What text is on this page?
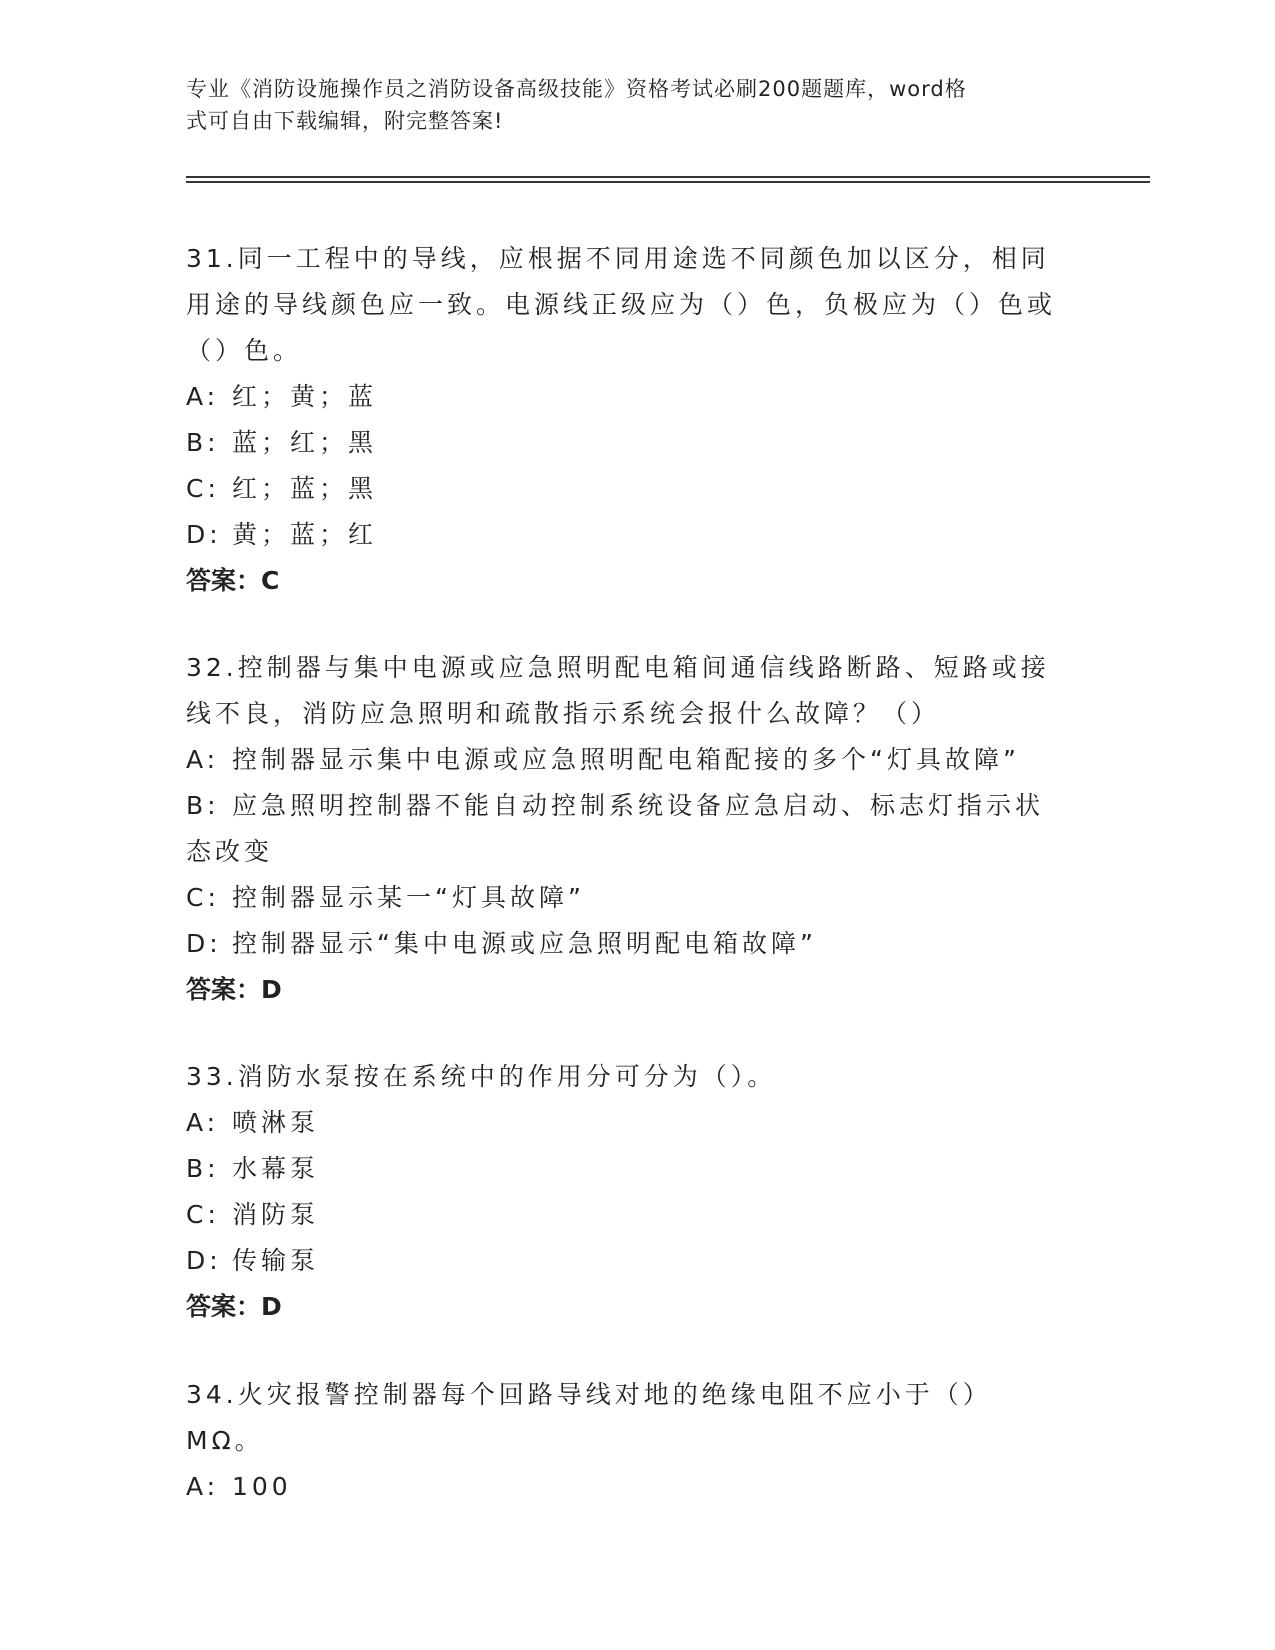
专业《消防设施操作员之消防设备高级技能》资格考试必刷200题题库，word格
式可自由下载编辑，附完整答案!

31.同一工程中的导线，应根据不同用途选不同颜色加以区分，相同用途的导线颜色应一致。电源线正级应为（）色，负极应为（）色或（）色。

A: 红；黄；蓝

B: 蓝；红；黑

C: 红；蓝；黑

D: 黄；蓝；红

答案：C

32.控制器与集中电源或应急照明配电箱间通信线路断路、短路或接线不良，消防应急照明和疏散指示系统会报什么故障？（）

A: 控制器显示集中电源或应急照明配电箱配接的多个“灯具故障”

B: 应急照明控制器不能自动控制系统设备应急启动、标志灯指示状态改变

C: 控制器显示某一“灯具故障”

D: 控制器显示“集中电源或应急照明配电箱故障”

答案：D

33.消防水泵按在系统中的作用分可分为（）。

A: 喷淋泵

B: 水幕泵

C: 消防泵

D: 传输泵

答案：D

34.火灾报警控制器每个回路导线对地的绝缘电阻不应小于（）MΩ。

A: 100
